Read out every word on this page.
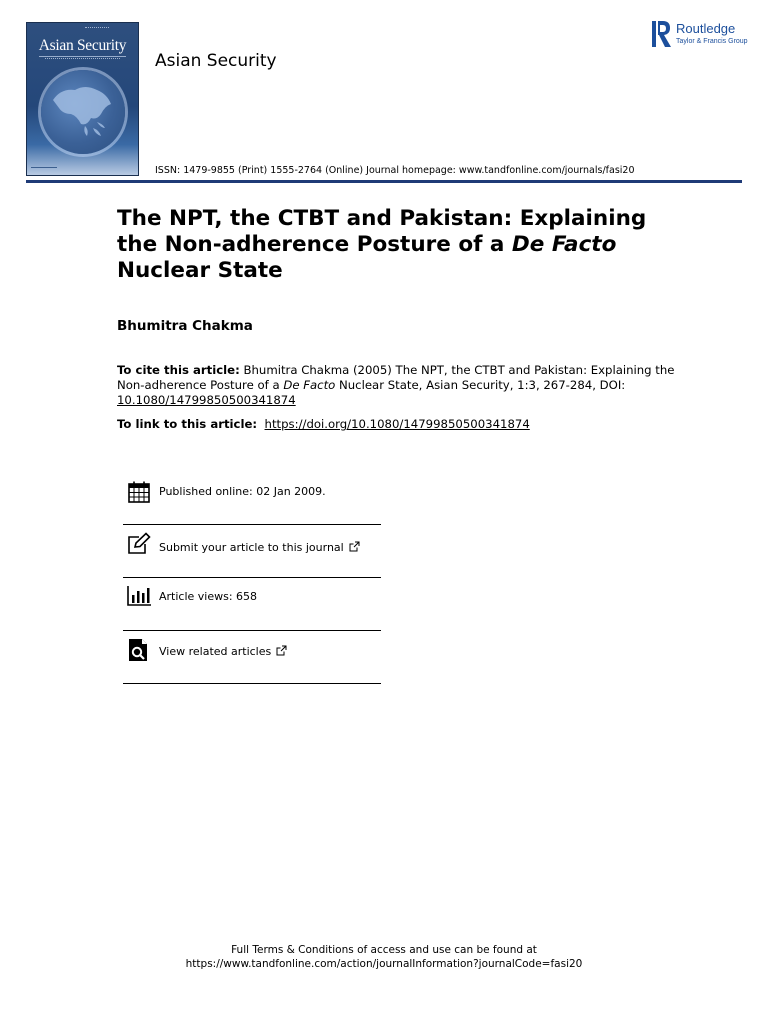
Asian Security
Asian Security
Routledge
Taylor & Francis Group
ISSN: 1479-9855 (Print) 1555-2764 (Online) Journal homepage: www.tandfonline.com/journals/fasi20
The NPT, the CTBT and Pakistan: Explaining the Non-adherence Posture of a De Facto Nuclear State
Bhumitra Chakma
To cite this article: Bhumitra Chakma (2005) The NPT, the CTBT and Pakistan: Explaining the Non-adherence Posture of a De Facto Nuclear State, Asian Security, 1:3, 267-284, DOI: 10.1080/14799850500341874
To link to this article: https://doi.org/10.1080/14799850500341874
Published online: 02 Jan 2009.
Submit your article to this journal
Article views: 658
View related articles
Full Terms & Conditions of access and use can be found at
https://www.tandfonline.com/action/journalInformation?journalCode=fasi20
